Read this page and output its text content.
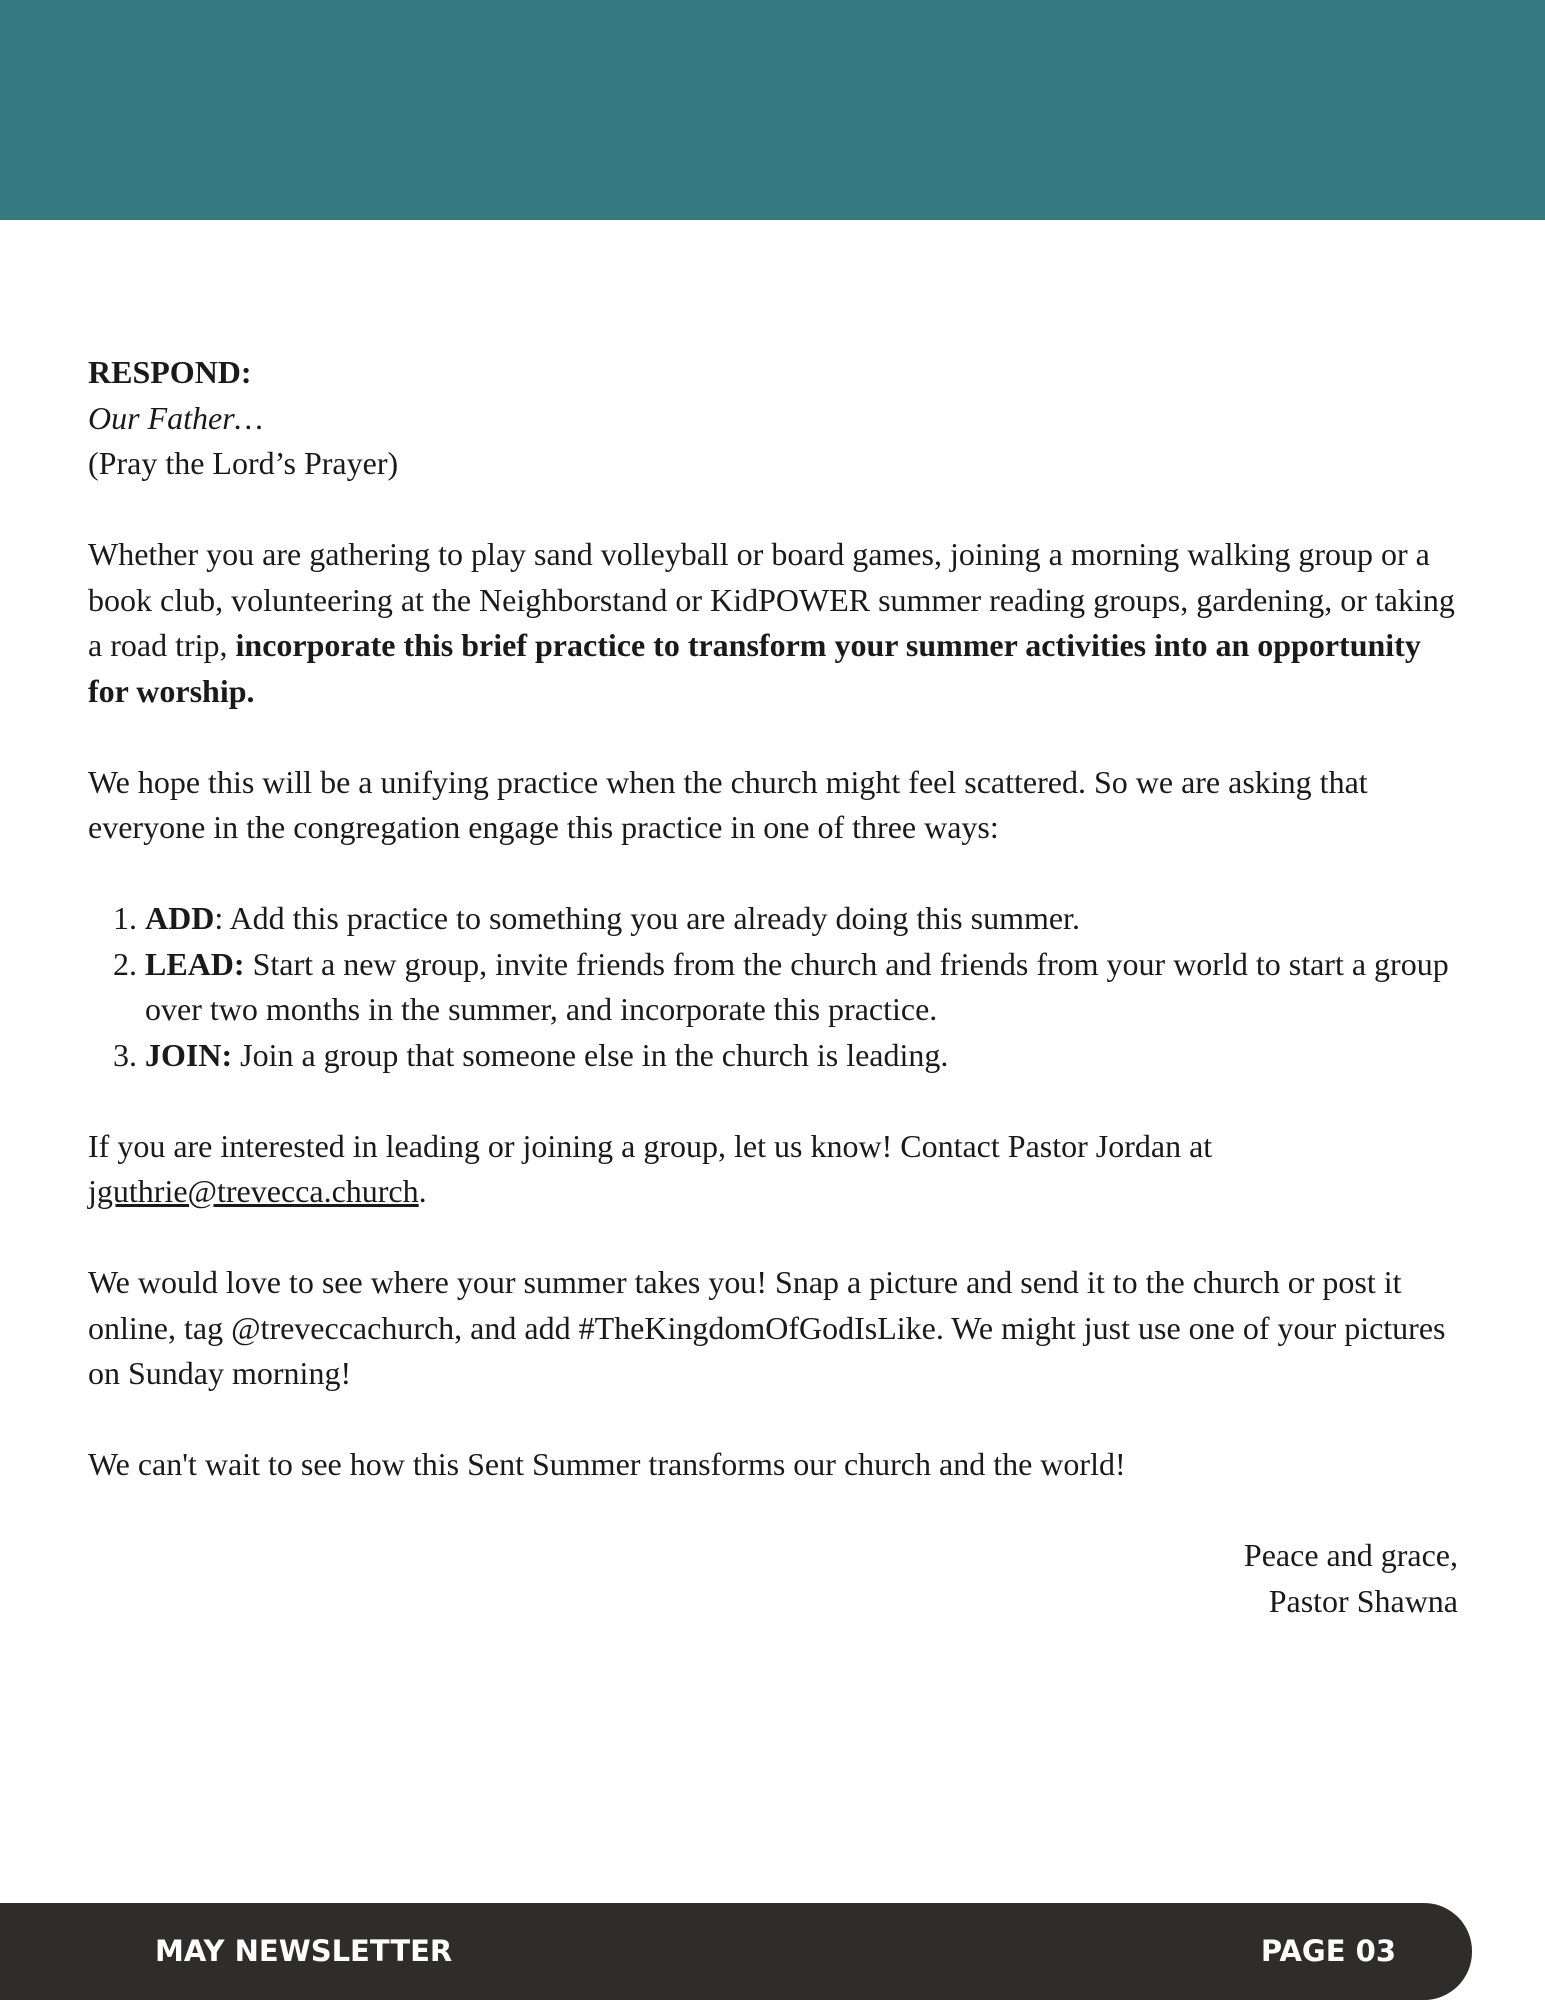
RESPOND:
Our Father…
(Pray the Lord’s Prayer)

Whether you are gathering to play sand volleyball or board games, joining a morning walking group or a book club, volunteering at the Neighborstand or KidPOWER summer reading groups, gardening, or taking a road trip, incorporate this brief practice to transform your summer activities into an opportunity for worship.

We hope this will be a unifying practice when the church might feel scattered. So we are asking that everyone in the congregation engage this practice in one of three ways:

1. ADD: Add this practice to something you are already doing this summer.
2. LEAD: Start a new group, invite friends from the church and friends from your world to start a group over two months in the summer, and incorporate this practice.
3. JOIN: Join a group that someone else in the church is leading.

If you are interested in leading or joining a group, let us know! Contact Pastor Jordan at jguthrie@trevecca.church.

We would love to see where your summer takes you! Snap a picture and send it to the church or post it online, tag @treveccachurch, and add #TheKingdomOfGodIsLike. We might just use one of your pictures on Sunday morning!

We can't wait to see how this Sent Summer transforms our church and the world!

Peace and grace,
Pastor Shawna

MAY NEWSLETTER	PAGE 03
